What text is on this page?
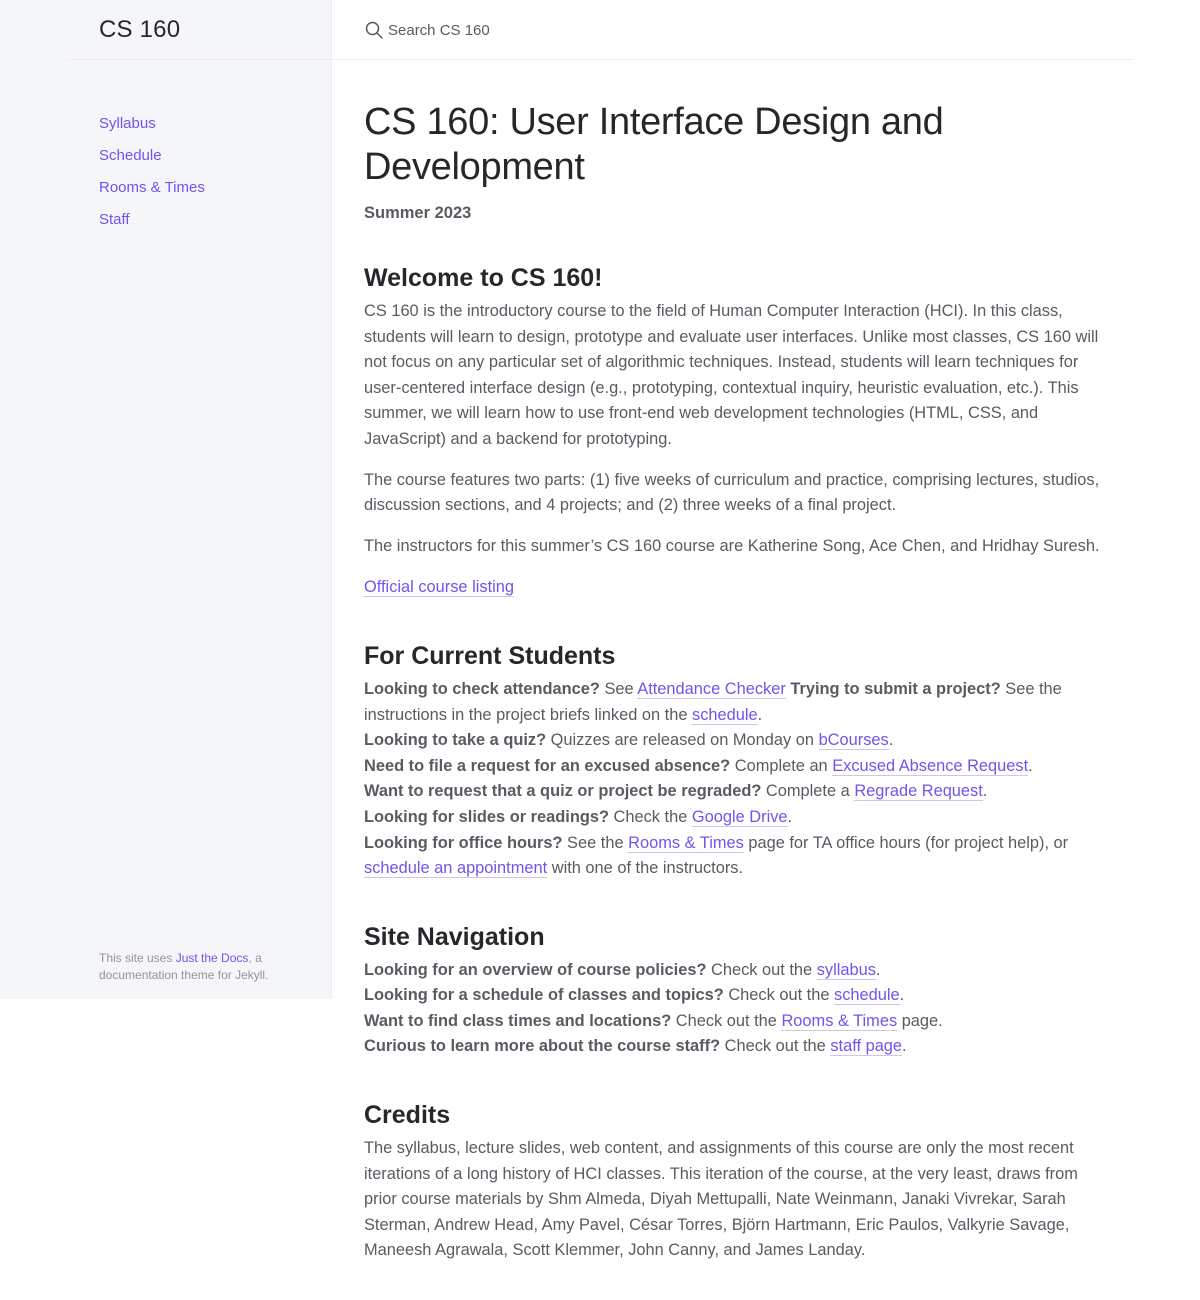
CS 160
Syllabus
Schedule
Rooms & Times
Staff
This site uses Just the Docs, a documentation theme for Jekyll.
Search CS 160
CS 160: User Interface Design and Development
Summer 2023
Welcome to CS 160!

CS 160 is the introductory course to the field of Human Computer Interaction (HCI). In this class, students will learn to design, prototype and evaluate user interfaces. Unlike most classes, CS 160 will not focus on any particular set of algorithmic techniques. Instead, students will learn techniques for user-centered interface design (e.g., prototyping, contextual inquiry, heuristic evaluation, etc.). This summer, we will learn how to use front-end web development technologies (HTML, CSS, and JavaScript) and a backend for prototyping.

The course features two parts: (1) five weeks of curriculum and practice, comprising lectures, studios, discussion sections, and 4 projects; and (2) three weeks of a final project.

The instructors for this summer’s CS 160 course are Katherine Song, Ace Chen, and Hridhay Suresh.

Official course listing

For Current Students
Looking to check attendance? See Attendance Checker Trying to submit a project? See the instructions in the project briefs linked on the schedule.
Looking to take a quiz? Quizzes are released on Monday on bCourses.
Need to file a request for an excused absence? Complete an Excused Absence Request.
Want to request that a quiz or project be regraded? Complete a Regrade Request.
Looking for slides or readings? Check the Google Drive.
Looking for office hours? See the Rooms & Times page for TA office hours (for project help), or schedule an appointment with one of the instructors.
Site Navigation
Looking for an overview of course policies? Check out the syllabus.
Looking for a schedule of classes and topics? Check out the schedule.
Want to find class times and locations? Check out the Rooms & Times page.
Curious to learn more about the course staff? Check out the staff page.
Credits

The syllabus, lecture slides, web content, and assignments of this course are only the most recent iterations of a long history of HCI classes. This iteration of the course, at the very least, draws from prior course materials by Shm Almeda, Diyah Mettupalli, Nate Weinmann, Janaki Vivrekar, Sarah Sterman, Andrew Head, Amy Pavel, César Torres, Björn Hartmann, Eric Paulos, Valkyrie Savage, Maneesh Agrawala, Scott Klemmer, John Canny, and James Landay.
